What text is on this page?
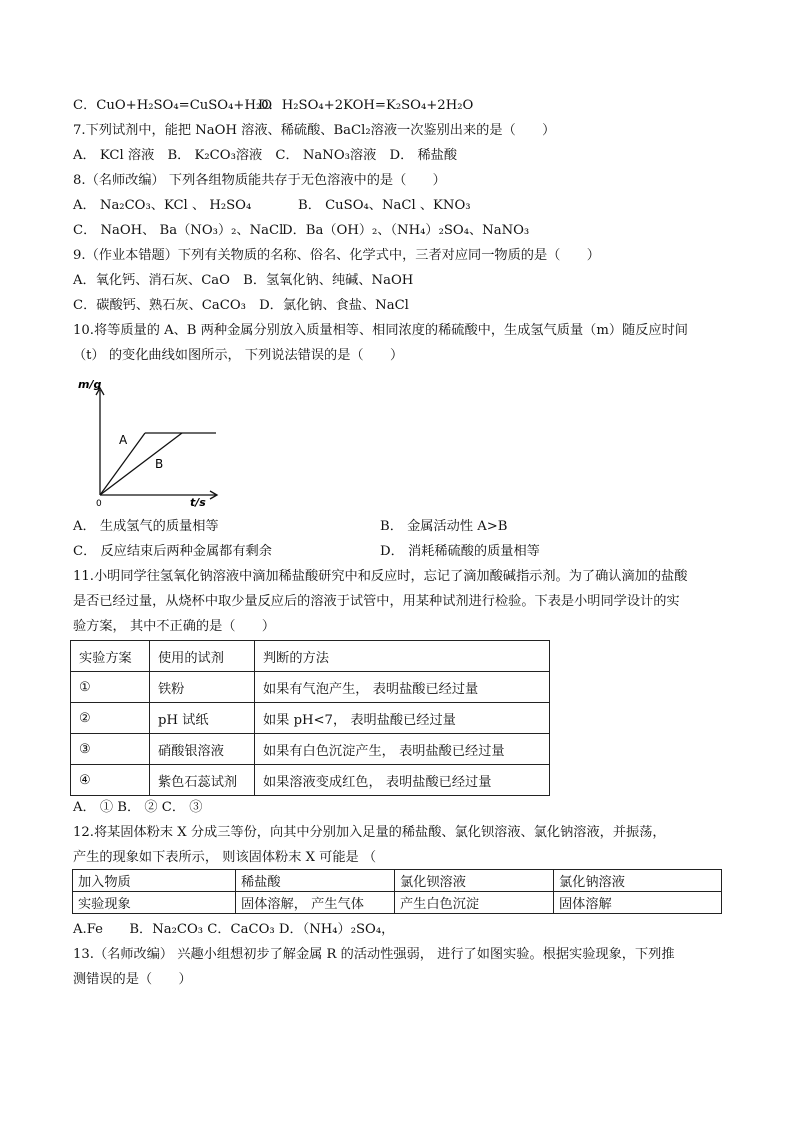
C．CuO+H₂SO₄=CuSO₄+H₂O
D．H₂SO₄+2KOH=K₂SO₄+2H₂O
7.下列试剂中，能把 NaOH 溶液、稀硫酸、BaCl₂溶液一次鉴别出来的是（　　）
A． KCl 溶液　B． K₂CO₃溶液　C． NaNO₃溶液　D． 稀盐酸
8.（名师改编） 下列各组物质能共存于无色溶液中的是（　　）
A． Na₂CO₃、KCl 、 H₂SO₄	B． CuSO₄、NaCl 、KNO₃
C． NaOH、 Ba（NO₃）₂、NaCl
D．Ba（OH）₂、（NH₄）₂SO₄、NaNO₃
9.（作业本错题）下列有关物质的名称、俗名、化学式中，三者对应同一物质的是（　　）
A．氧化钙、消石灰、CaO　B．氢氧化钠、纯碱、NaOH
C．碳酸钙、熟石灰、CaCO₃　D．氯化钠、食盐、NaCl
10.将等质量的 A、B 两种金属分别放入质量相等、相同浓度的稀硫酸中，生成氢气质量（m）随反应时间
（t） 的变化曲线如图所示， 下列说法错误的是（　　）
m/g
t/s
0
A
B
A． 生成氢气的质量相等	B． 金属活动性 A>B
C． 反应结束后两种金属都有剩余	D． 消耗稀硫酸的质量相等
11.小明同学往氢氧化钠溶液中滴加稀盐酸研究中和反应时，忘记了滴加酸碱指示剂。为了确认滴加的盐酸
是否已经过量，从烧杯中取少量反应后的溶液于试管中，用某种试剂进行检验。下表是小明同学设计的实
验方案， 其中不正确的是（　　）
实验方案	使用的试剂	判断的方法
①	铁粉	如果有气泡产生， 表明盐酸已经过量
②	pH 试纸	如果 pH<7， 表明盐酸已经过量
③	硝酸银溶液	如果有白色沉淀产生， 表明盐酸已经过量
④	紫色石蕊试剂	如果溶液变成红色， 表明盐酸已经过量
A． ① B． ② C． ③
12.将某固体粉末 X 分成三等份，向其中分别加入足量的稀盐酸、氯化钡溶液、氯化钠溶液，并振荡，
产生的现象如下表所示， 则该固体粉末 X 可能是 （
加入物质	稀盐酸	氯化钡溶液	氯化钠溶液
实验现象	固体溶解， 产生气体	产生白色沉淀	固体溶解
A.Fe　　B．Na₂CO₃ C．CaCO₃ D．（NH₄）₂SO₄，
13.（名师改编） 兴趣小组想初步了解金属 R 的活动性强弱， 进行了如图实验。根据实验现象，下列推
测错误的是（　　）
